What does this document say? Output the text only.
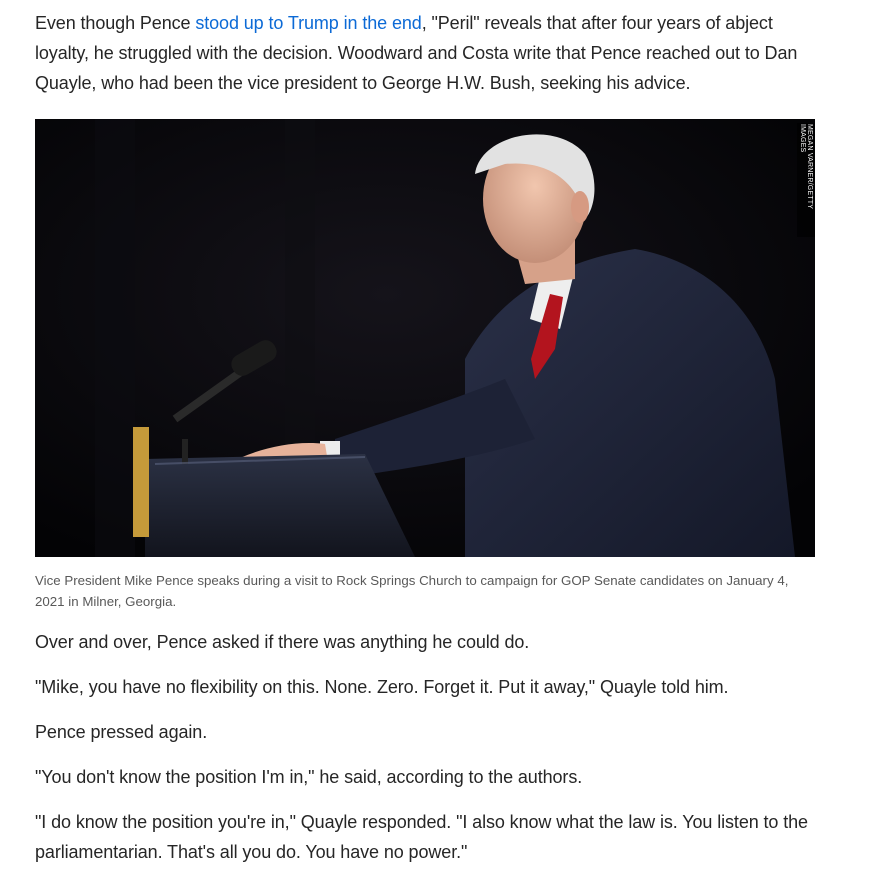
Even though Pence stood up to Trump in the end, "Peril" reveals that after four years of abject loyalty, he struggled with the decision. Woodward and Costa write that Pence reached out to Dan Quayle, who had been the vice president to George H.W. Bush, seeking his advice.

MEGAN VARNER/GETTY IMAGES

Vice President Mike Pence speaks during a visit to Rock Springs Church to campaign for GOP Senate candidates on January 4, 2021 in Milner, Georgia.

Over and over, Pence asked if there was anything he could do.

"Mike, you have no flexibility on this. None. Zero. Forget it. Put it away," Quayle told him.

Pence pressed again.

"You don't know the position I'm in," he said, according to the authors.

"I do know the position you're in," Quayle responded. "I also know what the law is. You listen to the parliamentarian. That's all you do. You have no power."
